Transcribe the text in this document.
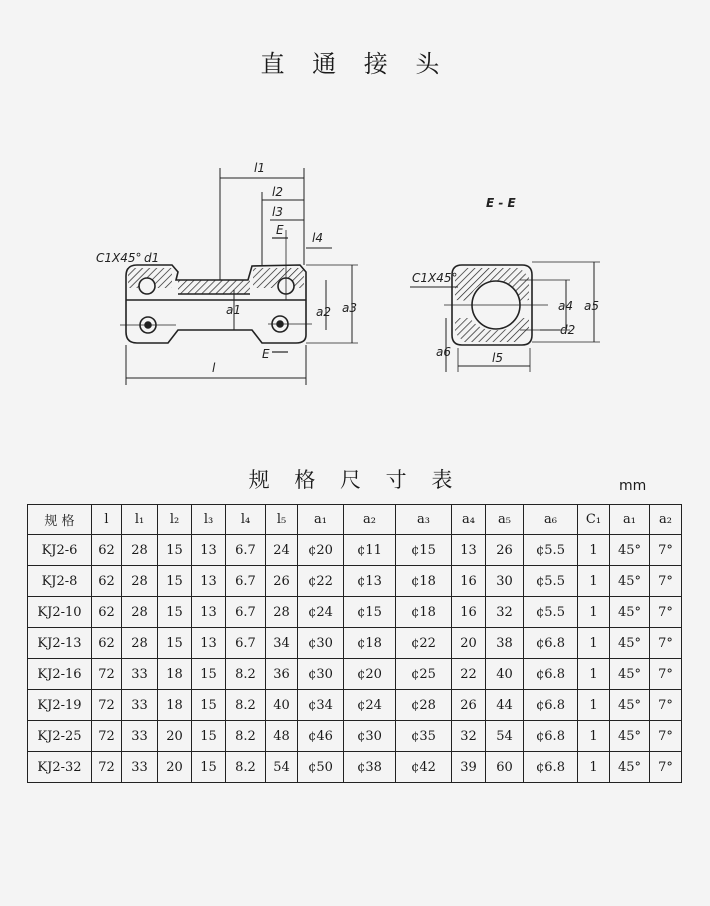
直 通 接 头
l1
l2
l3
l4
l
a1	a2 a3
d1
E
E
C1X45°
E - E
a4 a5
a6
d2
l5
C1X45°
规 格 尺 寸 表	mm
规 格	l	l₁	l₂	l₃	l₄	l₅	a₁	a₂	a₃	a₄	a₅	a₆	C₁	a₁	a₂
KJ2-6	62	28	15	13	6.7	24	¢20	¢11	¢15	13	26	¢5.5	1	45°	7°
KJ2-8	62	28	15	13	6.7	26	¢22	¢13	¢18	16	30	¢5.5	1	45°	7°
KJ2-10	62	28	15	13	6.7	28	¢24	¢15	¢18	16	32	¢5.5	1	45°	7°
KJ2-13	62	28	15	13	6.7	34	¢30	¢18	¢22	20	38	¢6.8	1	45°	7°
KJ2-16	72	33	18	15	8.2	36	¢30	¢20	¢25	22	40	¢6.8	1	45°	7°
KJ2-19	72	33	18	15	8.2	40	¢34	¢24	¢28	26	44	¢6.8	1	45°	7°
KJ2-25	72	33	20	15	8.2	48	¢46	¢30	¢35	32	54	¢6.8	1	45°	7°
KJ2-32	72	33	20	15	8.2	54	¢50	¢38	¢42	39	60	¢6.8	1	45°	7°
